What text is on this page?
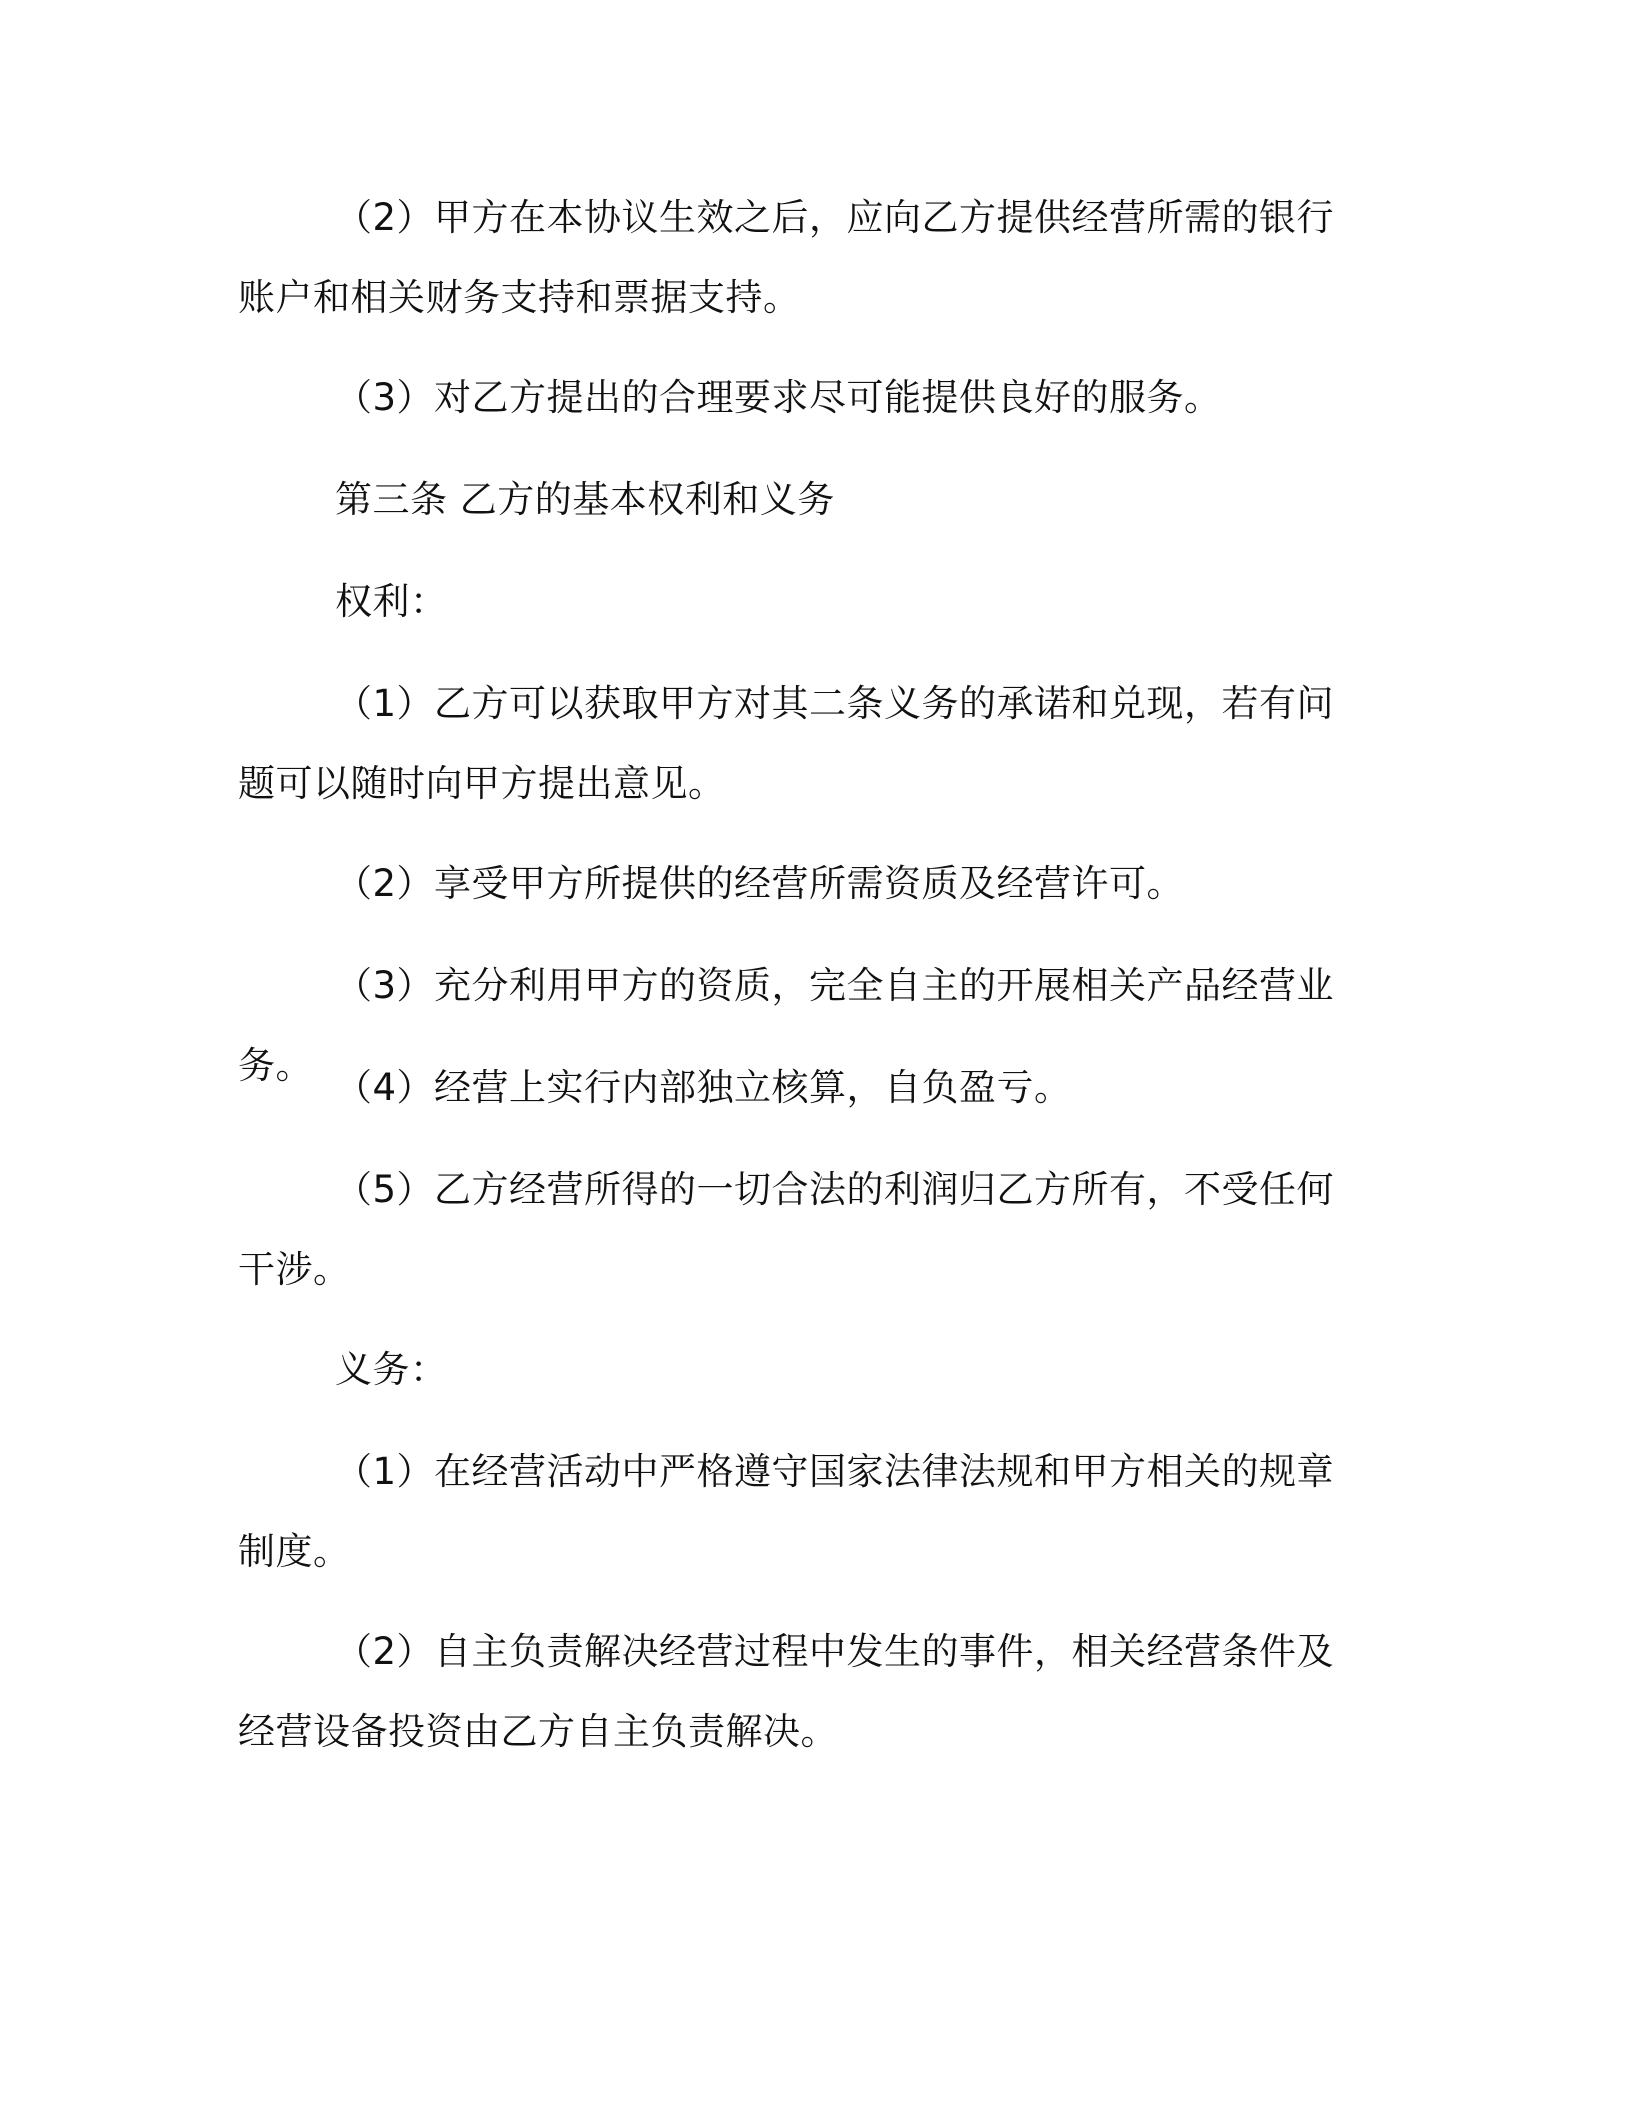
（2）甲方在本协议生效之后，应向乙方提供经营所需的银行账户和相关财务支持和票据支持。

（3）对乙方提出的合理要求尽可能提供良好的服务。

第三条 乙方的基本权利和义务

权利：

（1）乙方可以获取甲方对其二条义务的承诺和兑现，若有问题可以随时向甲方提出意见。

（2）享受甲方所提供的经营所需资质及经营许可。

（3）充分利用甲方的资质，完全自主的开展相关产品经营业务。

（4）经营上实行内部独立核算，自负盈亏。

（5）乙方经营所得的一切合法的利润归乙方所有，不受任何干涉。

义务：

（1）在经营活动中严格遵守国家法律法规和甲方相关的规章制度。

（2）自主负责解决经营过程中发生的事件，相关经营条件及经营设备投资由乙方自主负责解决。
